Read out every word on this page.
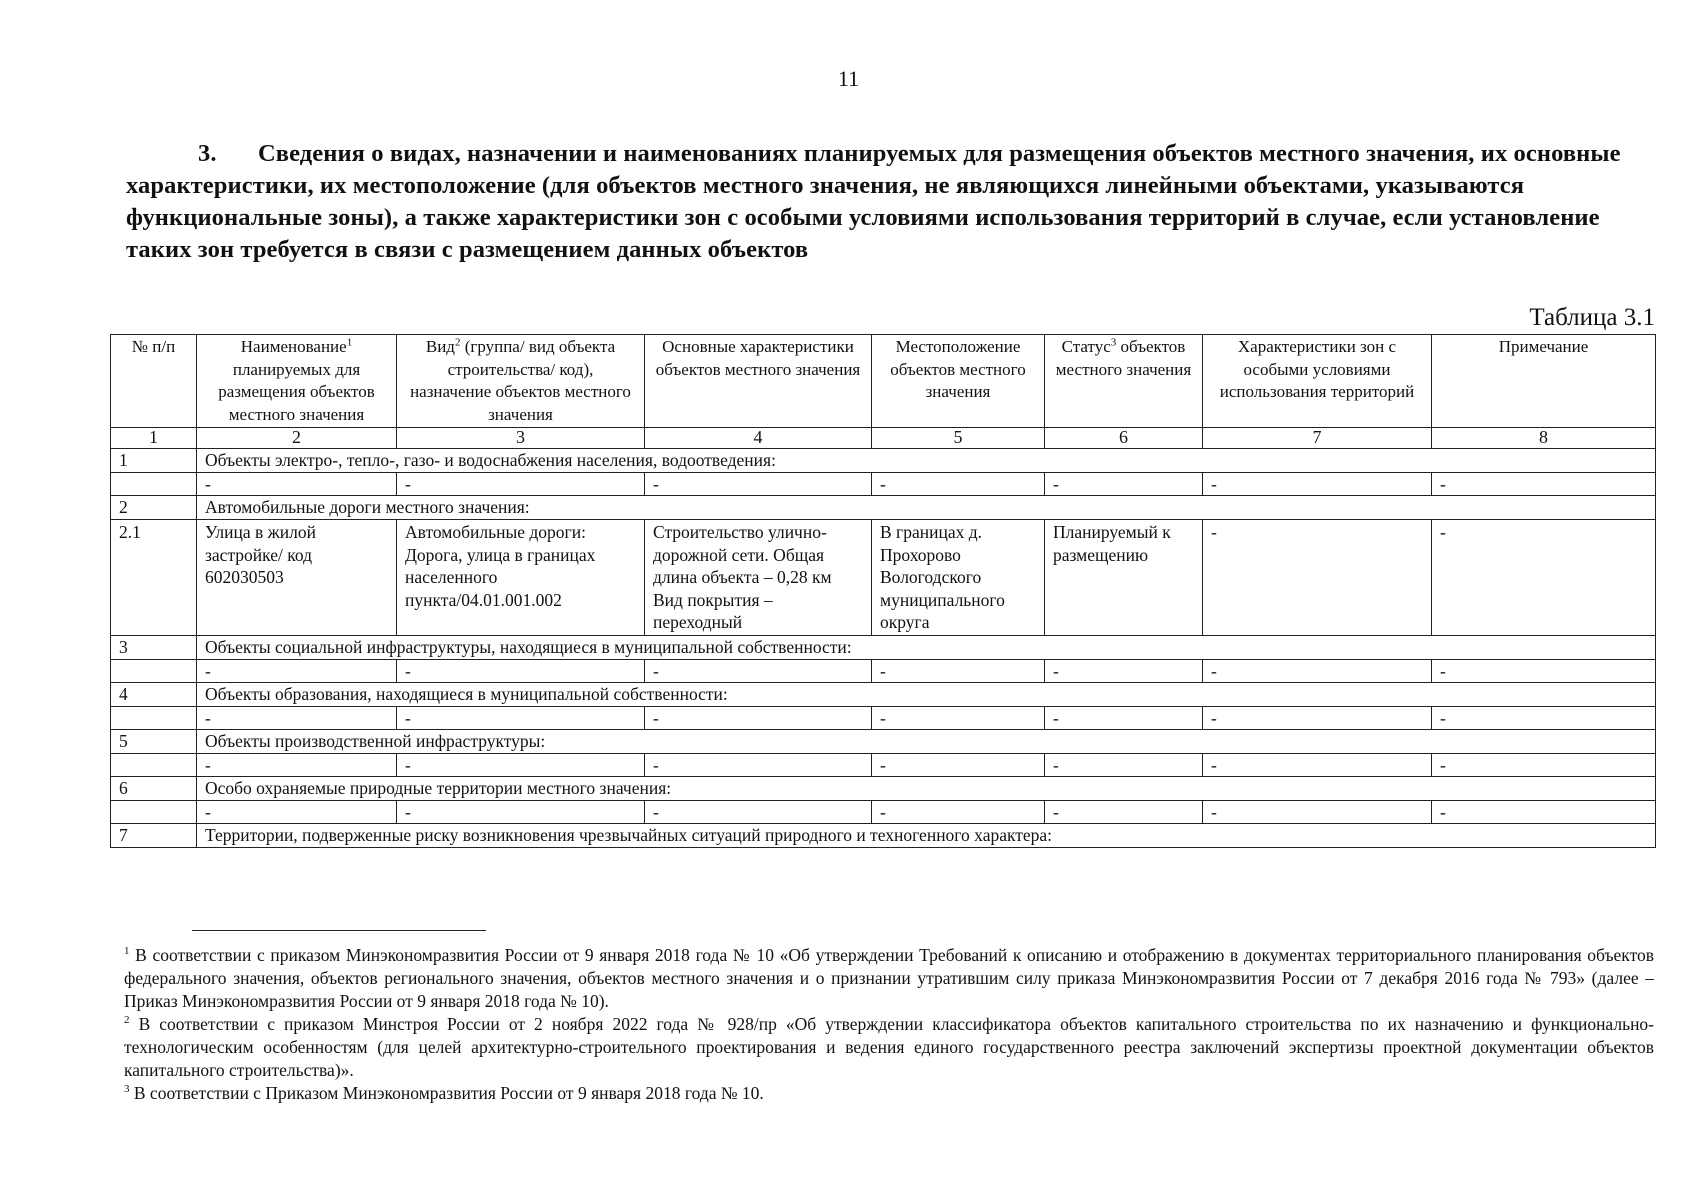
11
3. Сведения о видах, назначении и наименованиях планируемых для размещения объектов местного значения, их основные характеристики, их местоположение (для объектов местного значения, не являющихся линейными объектами, указываются функциональные зоны), а также характеристики зон с особыми условиями использования территорий в случае, если установление таких зон требуется в связи с размещением данных объектов
Таблица 3.1
№ п/п	Наименование$^1$ планируемых для размещения объектов местного значения	Вид$^2$ (группа/ вид объекта строительства/ код), назначение объектов местного значения	Основные характеристики объектов местного значения	Местоположение объектов местного значения	Статус$^3$ объектов местного значения	Характеристики зон с особыми условиями использования территорий	Примечание
1	2	3	4	5	6	7	8
1	Объекты электро-, тепло-, газо- и водоснабжения населения, водоотведения:						
	-	-	-	-	-	-	-
2	Автомобильные дороги местного значения:						
2.1	Улица в жилой застройке/ код 602030503	Автомобильные дороги: Дорога, улица в границах населенного пункта/04.01.001.002	Строительство улично-дорожной сети. Общая длина объекта – 0,28 км Вид покрытия – переходный	В границах д. Прохорово Вологодского муниципального округа	Планируемый к размещению	-	-
3	Объекты социальной инфраструктуры, находящиеся в муниципальной собственности:						
	-	-	-	-	-	-	-
4	Объекты образования, находящиеся в муниципальной собственности:						
	-	-	-	-	-	-	-
5	Объекты производственной инфраструктуры:						
	-	-	-	-	-	-	-
6	Особо охраняемые природные территории местного значения:						
	-	-	-	-	-	-	-
7	Территории, подверженные риску возникновения чрезвычайных ситуаций природного и техногенного характера:						

$^1$ В соответствии с приказом Минэкономразвития России от 9 января 2018 года № 10 «Об утверждении Требований к описанию и отображению в документах территориального планирования объектов федерального значения, объектов регионального значения, объектов местного значения и о признании утратившим силу приказа Минэкономразвития России от 7 декабря 2016 года № 793» (далее – Приказ Минэкономразвития России от 9 января 2018 года № 10).

$^2$ В соответствии с приказом Минстроя России от 2 ноября 2022 года № 928/пр «Об утверждении классификатора объектов капитального строительства по их назначению и функционально-технологическим особенностям (для целей архитектурно-строительного проектирования и ведения единого государственного реестра заключений экспертизы проектной документации объектов капитального строительства)».

$^3$ В соответствии с Приказом Минэкономразвития России от 9 января 2018 года № 10.
